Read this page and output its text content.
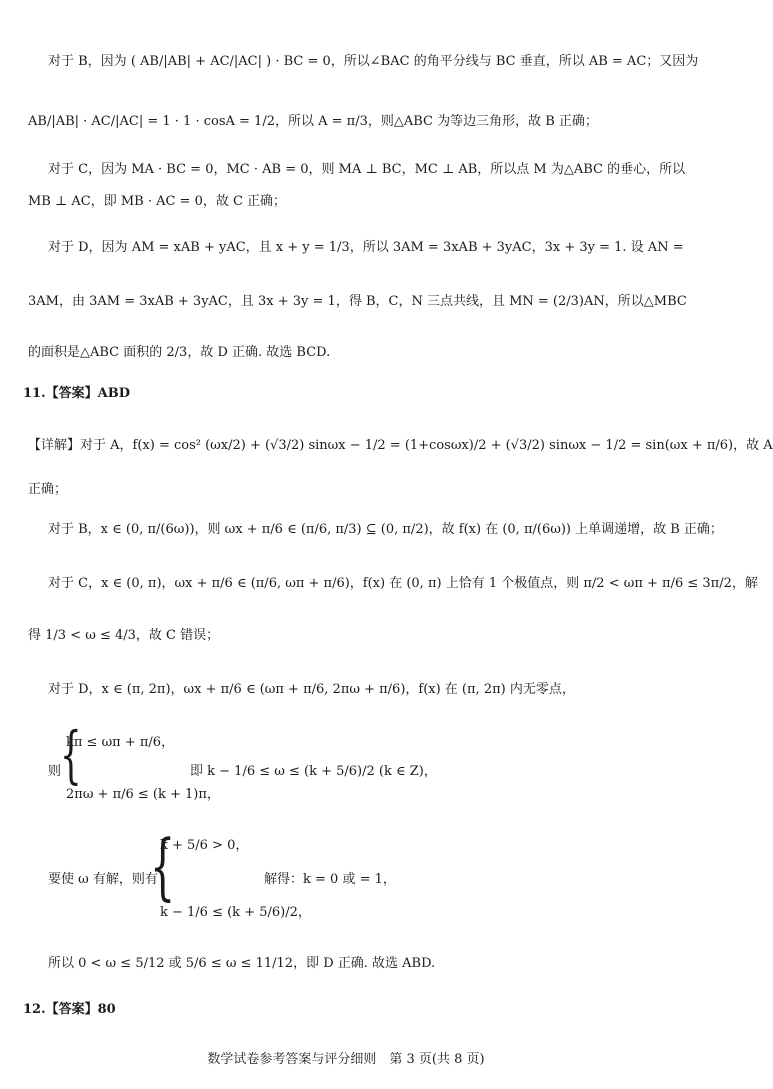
对于 B，因为 ( AB/|AB| + AC/|AC| ) · BC = 0，所以∠BAC 的角平分线与 BC 垂直，所以 AB = AC；又因为
AB/|AB| · AC/|AC| = 1 · 1 · cosA = 1/2，所以 A = π/3，则△ABC 为等边三角形，故 B 正确；
对于 C，因为 MA · BC = 0，MC · AB = 0，则 MA ⊥ BC，MC ⊥ AB，所以点 M 为△ABC 的垂心，所以
MB ⊥ AC，即 MB · AC = 0，故 C 正确；
对于 D，因为 AM = xAB + yAC，且 x + y = 1/3，所以 3AM = 3xAB + 3yAC，3x + 3y = 1. 设 AN =
3AM，由 3AM = 3xAB + 3yAC，且 3x + 3y = 1，得 B，C，N 三点共线，且 MN = (2/3)AN，所以△MBC
的面积是△ABC 面积的 2/3，故 D 正确. 故选 BCD.
11.【答案】ABD
【详解】对于 A，f(x) = cos² (ωx/2) + (√3/2) sinωx − 1/2 = (1+cosωx)/2 + (√3/2) sinωx − 1/2 = sin(ωx + π/6)，故 A
正确；
对于 B，x ∈ (0, π/(6ω))，则 ωx + π/6 ∈ (π/6, π/3) ⊆ (0, π/2)，故 f(x) 在 (0, π/(6ω)) 上单调递增，故 B 正确；
对于 C，x ∈ (0, π)，ωx + π/6 ∈ (π/6, ωπ + π/6)，f(x) 在 (0, π) 上恰有 1 个极值点，则 π/2 < ωπ + π/6 ≤ 3π/2，解
得 1/3 < ω ≤ 4/3，故 C 错误；
对于 D，x ∈ (π, 2π)，ωx + π/6 ∈ (ωπ + π/6, 2πω + π/6)，f(x) 在 (π, 2π) 内无零点，
kπ ≤ ωπ + π/6，
则
{	即 k − 1/6 ≤ ω ≤ (k + 5/6)/2 (k ∈ Z)，
2πω + π/6 ≤ (k + 1)π，
k + 5/6 > 0，
要使 ω 有解，则有
{	解得：k = 0 或 = 1，
k − 1/6 ≤ (k + 5/6)/2，
所以 0 < ω ≤ 5/12 或 5/6 ≤ ω ≤ 11/12，即 D 正确. 故选 ABD.
12.【答案】80
数学试卷参考答案与评分细则　第 3 页(共 8 页)
